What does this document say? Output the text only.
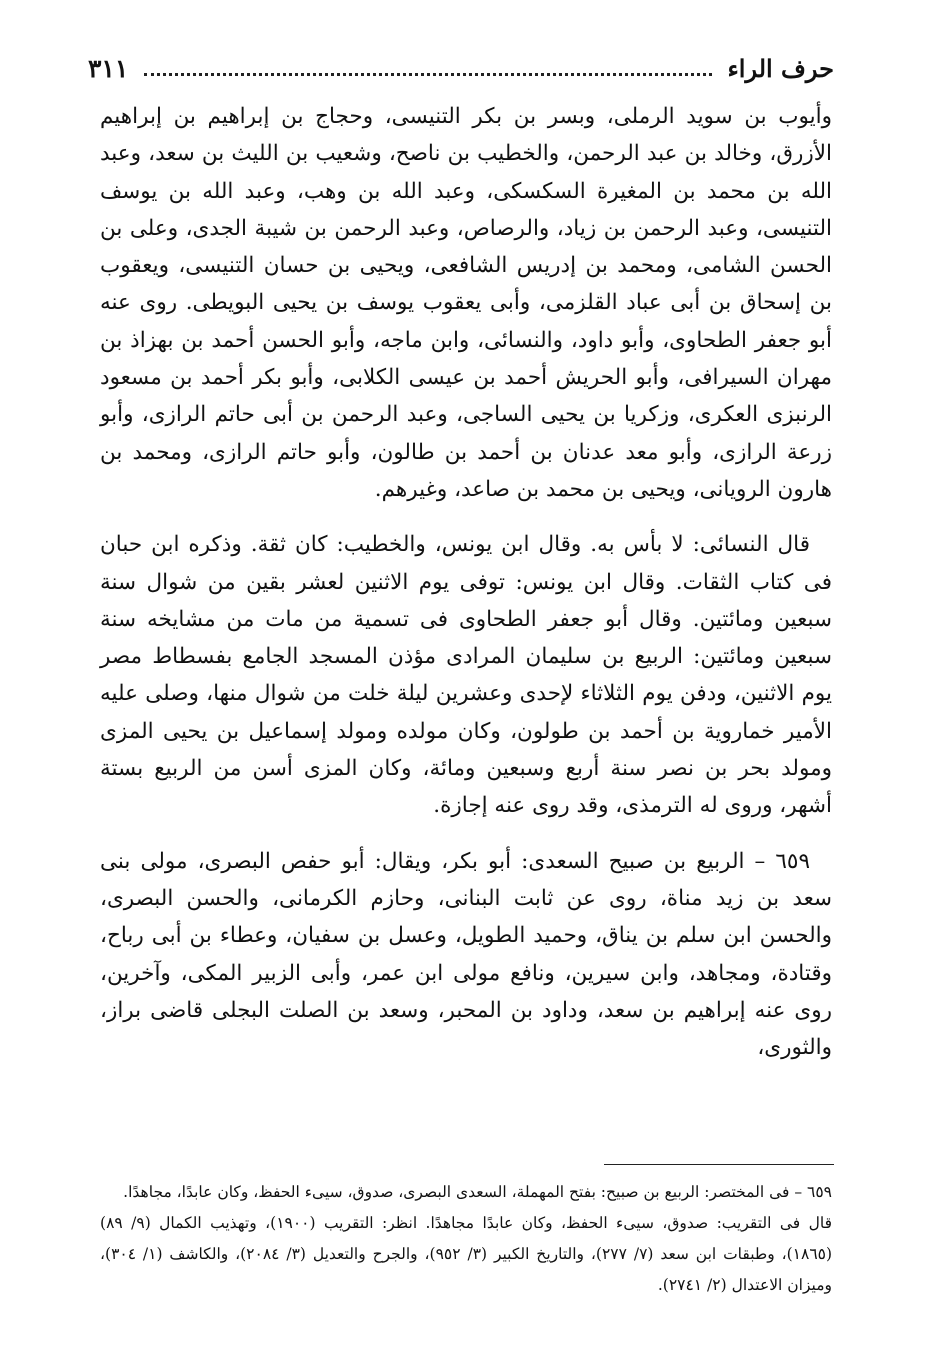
حرف الراء
٣١١

وأيوب بن سويد الرملى، وبسر بن بكر التنيسى، وحجاج بن إبراهيم بن إبراهيم الأزرق، وخالد بن عبد الرحمن، والخطيب بن ناصح، وشعيب بن الليث بن سعد، وعبد الله بن محمد بن المغيرة السكسكى، وعبد الله بن وهب، وعبد الله بن يوسف التنيسى، وعبد الرحمن بن زياد، والرصاص، وعبد الرحمن بن شيبة الجدى، وعلى بن الحسن الشامى، ومحمد بن إدريس الشافعى، ويحيى بن حسان التنيسى، ويعقوب بن إسحاق بن أبى عباد القلزمى، وأبى يعقوب يوسف بن يحيى البويطى. روى عنه أبو جعفر الطحاوى، وأبو داود، والنسائى، وابن ماجه، وأبو الحسن أحمد بن بهزاذ بن مهران السيرافى، وأبو الحريش أحمد بن عيسى الكلابى، وأبو بكر أحمد بن مسعود الرنبزى العكرى، وزكريا بن يحيى الساجى، وعبد الرحمن بن أبى حاتم الرازى، وأبو زرعة الرازى، وأبو معد عدنان بن أحمد بن طالون، وأبو حاتم الرازى، ومحمد بن هارون الرويانى، ويحيى بن محمد بن صاعد، وغيرهم.

قال النسائى: لا بأس به. وقال ابن يونس، والخطيب: كان ثقة. وذكره ابن حبان فى كتاب الثقات. وقال ابن يونس: توفى يوم الاثنين لعشر بقين من شوال سنة سبعين ومائتين. وقال أبو جعفر الطحاوى فى تسمية من مات من مشايخه سنة سبعين ومائتين: الربيع بن سليمان المرادى مؤذن المسجد الجامع بفسطاط مصر يوم الاثنين، ودفن يوم الثلاثاء لإحدى وعشرين ليلة خلت من شوال منها، وصلى عليه الأمير خماروية بن أحمد بن طولون، وكان مولده ومولد إسماعيل بن يحيى المزى ومولد بحر بن نصر سنة أربع وسبعين ومائة، وكان المزى أسن من الربيع بستة أشهر، وروى له الترمذى، وقد روى عنه إجازة.

٦٥٩ – الربيع بن صبيح السعدى: أبو بكر، ويقال: أبو حفص البصرى، مولى بنى سعد بن زيد مناة، روى عن ثابت البنانى، وحازم الكرمانى، والحسن البصرى، والحسن ابن سلم بن يناق، وحميد الطويل، وعسل بن سفيان، وعطاء بن أبى رباح، وقتادة، ومجاهد، وابن سيرين، ونافع مولى ابن عمر، وأبى الزبير المكى، وآخرين، روى عنه إبراهيم بن سعد، وداود بن المحبر، وسعد بن الصلت البجلى قاضى براز، والثورى،

٦٥٩ – فى المختصر: الربيع بن صبيح: بفتح المهملة، السعدى البصرى، صدوق، سيىء الحفظ، وكان عابدًا، مجاهدًا.

قال فى التقريب: صدوق، سيىء الحفظ، وكان عابدًا مجاهدًا. انظر: التقريب (١٩٠٠)، وتهذيب الكمال (٩/ ٨٩) (١٨٦٥)، وطبقات ابن سعد (٧/ ٢٧٧)، والتاريخ الكبير (٣/ ٩٥٢)، والجرح والتعديل (٣/ ٢٠٨٤)، والكاشف (١/ ٣٠٤)، وميزان الاعتدال (٢/ ٢٧٤١).
